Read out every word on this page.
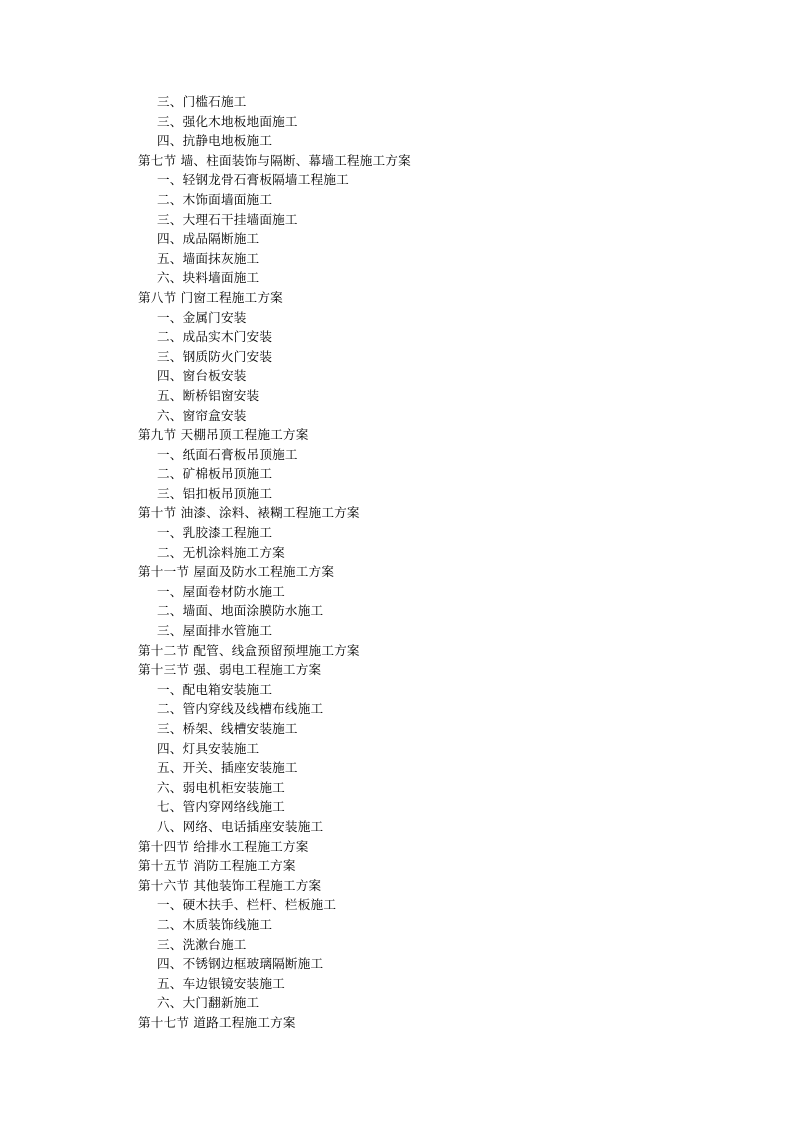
三、门槛石施工
三、强化木地板地面施工
四、抗静电地板施工
第七节 墙、柱面装饰与隔断、幕墙工程施工方案
一、轻钢龙骨石膏板隔墙工程施工
二、木饰面墙面施工
三、大理石干挂墙面施工
四、成品隔断施工
五、墙面抹灰施工
六、块料墙面施工
第八节 门窗工程施工方案
一、金属门安装
二、成品实木门安装
三、钢质防火门安装
四、窗台板安装
五、断桥铝窗安装
六、窗帘盒安装
第九节 天棚吊顶工程施工方案
一、纸面石膏板吊顶施工
二、矿棉板吊顶施工
三、铝扣板吊顶施工
第十节 油漆、涂料、裱糊工程施工方案
一、乳胶漆工程施工
二、无机涂料施工方案
第十一节 屋面及防水工程施工方案
一、屋面卷材防水施工
二、墙面、地面涂膜防水施工
三、屋面排水管施工
第十二节 配管、线盒预留预埋施工方案
第十三节 强、弱电工程施工方案
一、配电箱安装施工
二、管内穿线及线槽布线施工
三、桥架、线槽安装施工
四、灯具安装施工
五、开关、插座安装施工
六、弱电机柜安装施工
七、管内穿网络线施工
八、网络、电话插座安装施工
第十四节 给排水工程施工方案
第十五节 消防工程施工方案
第十六节 其他装饰工程施工方案
一、硬木扶手、栏杆、栏板施工
二、木质装饰线施工
三、洗漱台施工
四、不锈钢边框玻璃隔断施工
五、车边银镜安装施工
六、大门翻新施工
第十七节 道路工程施工方案
